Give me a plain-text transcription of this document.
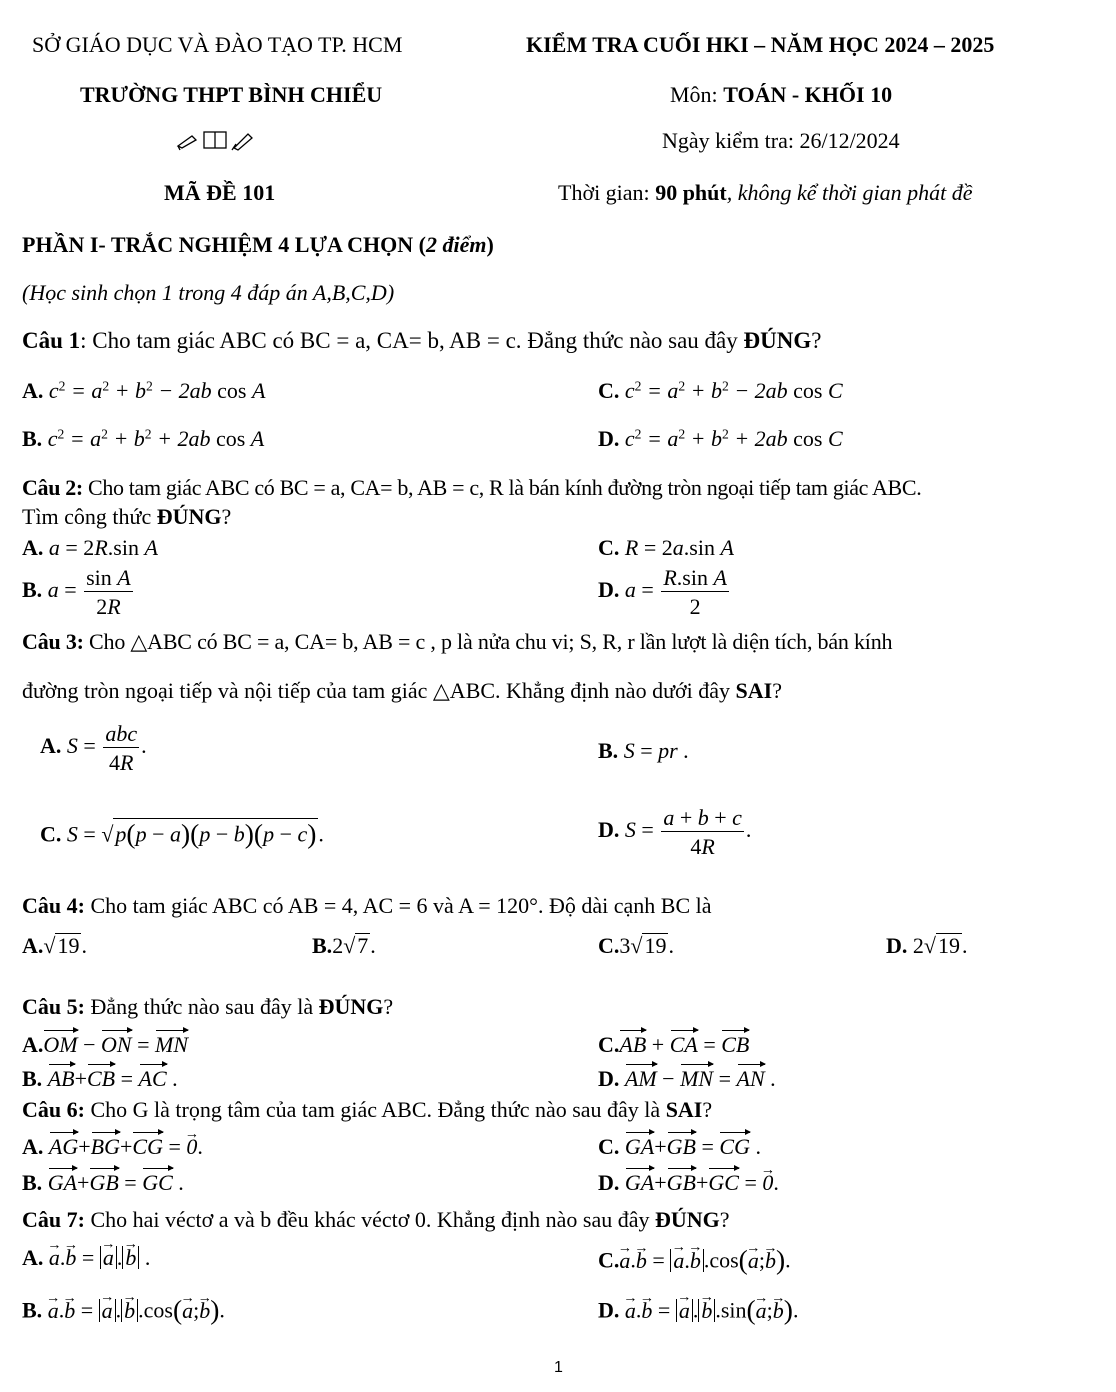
SỞ GIÁO DỤC VÀ ĐÀO TẠO TP. HCM	KIỂM TRA CUỐI HKI – NĂM HỌC 2024 – 2025
TRƯỜNG THPT BÌNH CHIỂU	Môn: TOÁN - KHỐI 10
Ngày kiểm tra: 26/12/2024
MÃ ĐỀ 101	Thời gian: 90 phút, không kể thời gian phát đề
PHẦN I- TRẮC NGHIỆM 4 LỰA CHỌN (2 điểm)
(Học sinh chọn 1 trong 4 đáp án A,B,C,D)
Câu 1: Cho tam giác ABC có BC = a, CA= b, AB = c. Đẳng thức nào sau đây ĐÚNG?
A. $c^2 = a^2 + b^2 - 2ab$ cos A	C. $c^2 = a^2 + b^2 - 2ab$ cos C
B. $c^2 = a^2 + b^2 + 2ab$ cos A	D. $c^2 = a^2 + b^2 + 2ab$ cos C
Câu 2: Cho tam giác ABC có BC = a, CA= b, AB = c, R là bán kính đường tròn ngoại tiếp tam giác ABC.
Tìm công thức ĐÚNG?
A. a = 2R.sin A	C. R = 2a.sin A
B. $a = \frac{\text{sin A}}{2R}$	D. $a = \frac{\text{R.sin A}}{2}$
Câu 3: Cho △ABC có BC = a, CA= b, AB = c , p là nửa chu vi; S, R, r lần lượt là diện tích, bán kính
đường tròn ngoại tiếp và nội tiếp của tam giác △ABC. Khẳng định nào dưới đây SAI?
A. $S = \frac{\text{abc}}{4R}$ .	B. S = pr .
C. S = √p(p − a)(p − b)(p − c).	D. $S = \frac{a + b + c}{4R}$ .
Câu 4: Cho tam giác ABC có AB = 4, AC = 6 và A = 120°. Độ dài cạnh BC là
A.√19.	B.2√7.	C.3√19.	D. 2√19.
Câu 5: Đẳng thức nào sau đây là ĐÚNG?
A.OM − ON = MN	C.AB + CA = CB
B. AB+CB = AC .	D. AM − MN = AN .
Câu 6: Cho G là trọng tâm của tam giác ABC. Đẳng thức nào sau đây là SAI?
A. AG+BG+CG = → 0.	C. GA+GB = CG .
B. GA+GB = GC .	D. GA+GB+GC = → 0.
Câu 7: Cho hai véctơ a và b đều khác véctơ 0. Khẳng định nào sau đây ĐÚNG?
A. → a.→ b = → a . → b .	C.→ a.→ b = → a.→ b .cos(→ a;→ b).
B. → a.→ b = → a . → b .cos(→ a;→ b).	D. → a.→ b = → a . → b .sin(→ a;→ b).
1
